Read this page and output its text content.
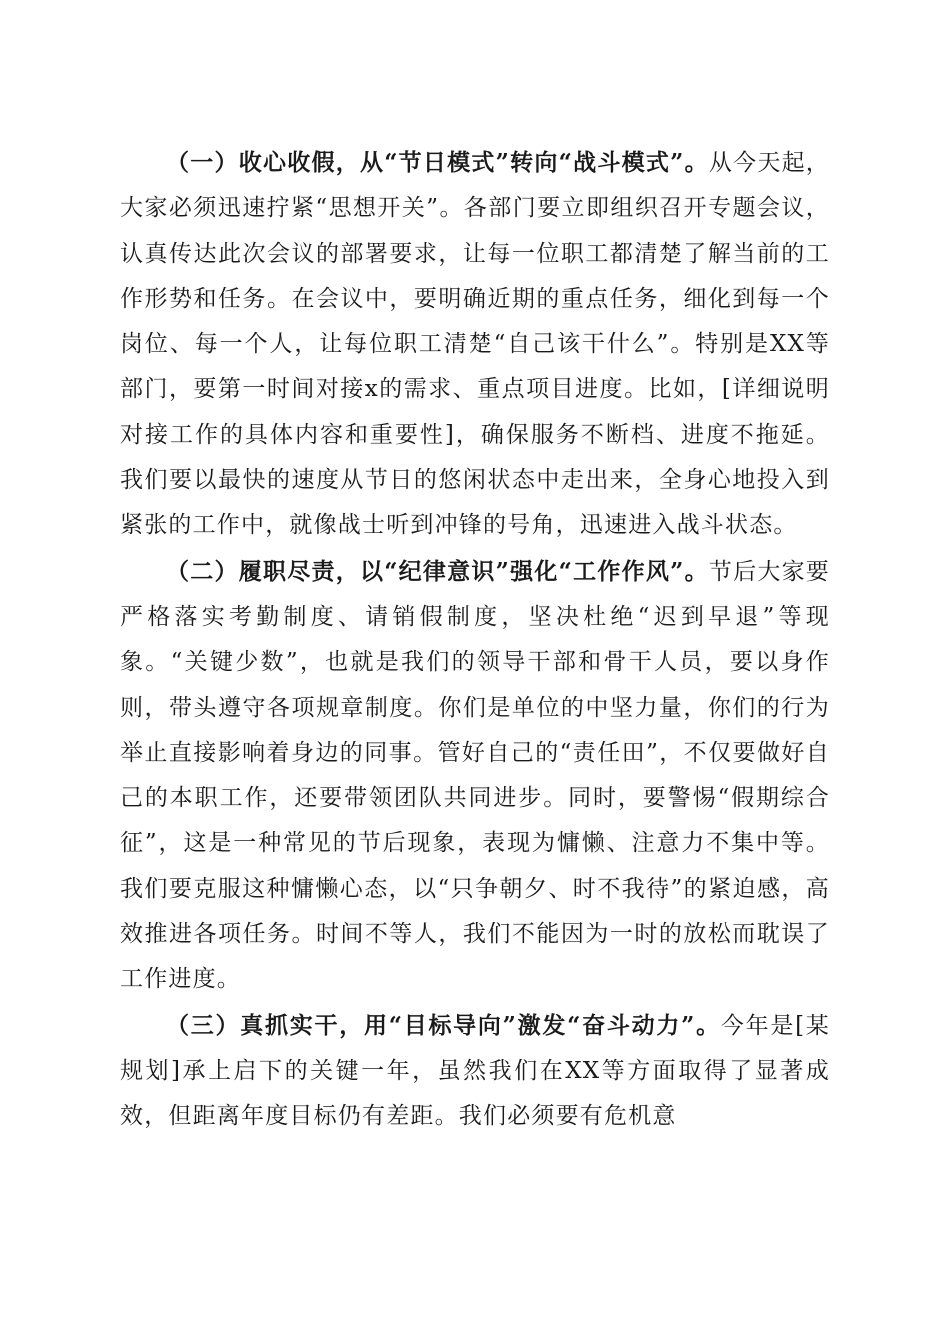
（一）收心收假，从“节日模式”转向“战斗模式”。从今天起，大家必须迅速拧紧“思想开关”。各部门要立即组织召开专题会议，认真传达此次会议的部署要求，让每一位职工都清楚了解当前的工作形势和任务。在会议中，要明确近期的重点任务，细化到每一个岗位、每一个人，让每位职工清楚“自己该干什么”。特别是XX等部门，要第一时间对接x的需求、重点项目进度。比如，[详细说明对接工作的具体内容和重要性]，确保服务不断档、进度不拖延。我们要以最快的速度从节日的悠闲状态中走出来，全身心地投入到紧张的工作中，就像战士听到冲锋的号角，迅速进入战斗状态。

（二）履职尽责，以“纪律意识”强化“工作作风”。节后大家要严格落实考勤制度、请销假制度，坚决杜绝“迟到早退”等现象。“关键少数”，也就是我们的领导干部和骨干人员，要以身作则，带头遵守各项规章制度。你们是单位的中坚力量，你们的行为举止直接影响着身边的同事。管好自己的“责任田”，不仅要做好自己的本职工作，还要带领团队共同进步。同时，要警惕“假期综合征”，这是一种常见的节后现象，表现为慵懒、注意力不集中等。我们要克服这种慵懒心态，以“只争朝夕、时不我待”的紧迫感，高效推进各项任务。时间不等人，我们不能因为一时的放松而耽误了工作进度。

（三）真抓实干，用“目标导向”激发“奋斗动力”。今年是[某规划]承上启下的关键一年，虽然我们在XX等方面取得了显著成效，但距离年度目标仍有差距。我们必须要有危机意
